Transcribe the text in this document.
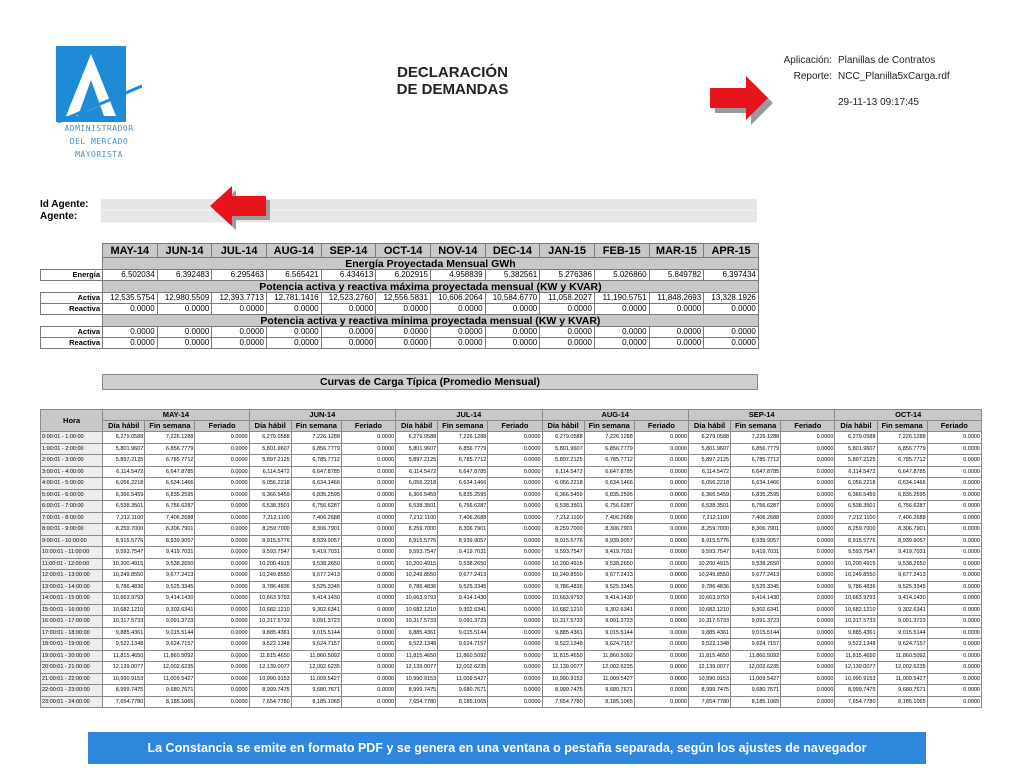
ADMINISTRADOR
DEL MERCADO
MAYORISTA
DECLARACIÓN
DE DEMANDAS
Aplicación: Planillas de Contratos
Reporte: NCC_Planilla5xCarga.rdf
29-11-13 09:17:45
Id Agente:
Agente:
	MAY-14	JUN-14	JUL-14	AUG-14	SEP-14	OCT-14	NOV-14	DEC-14	JAN-15	FEB-15	MAR-15	APR-15
	Energía Proyectada Mensual GWh											
Energía	6.502034	6.392483	6.295463	6.565421	6.434613	6.202915	4.958839	5.382561	5.276386	5.026860	5.849782	6.397434
	Potencia activa y reactiva máxima proyectada mensual (KW y KVAR)											
Activa	12,535.5754	12,980.5509	12,393.7713	12,781.1416	12,523.2760	12,556.5831	10,606.2064	10,584.6770	11,058.2027	11,190.5751	11,848.2693	13,328.1926
Reactiva	0.0000	0.0000	0.0000	0.0000	0.0000	0.0000	0.0000	0.0000	0.0000	0.0000	0.0000	0.0000
	Potencia activa y reactiva mínima proyectada mensual (KW y KVAR)											
Activa	0.0000	0.0000	0.0000	0.0000	0.0000	0.0000	0.0000	0.0000	0.0000	0.0000	0.0000	0.0000
Reactiva	0.0000	0.0000	0.0000	0.0000	0.0000	0.0000	0.0000	0.0000	0.0000	0.0000	0.0000	0.0000
Curvas de Carga Típica (Promedio Mensual)
Hora	MAY-14			JUN-14			JUL-14			AUG-14			SEP-14			OCT-14		
	Día hábil	Fin semana	Feriado	Día hábil	Fin semana	Feriado	Día hábil	Fin semana	Feriado	Día hábil	Fin semana	Feriado	Día hábil	Fin semana	Feriado	Día hábil	Fin semana	Feriado
0:00:01 - 1:00:00	6,279.0588	7,226.1288	0.0000	6,279.0588	7,226.1288	0.0000	6,279.0588	7,226.1288	0.0000	6,279.0588	7,226.1288	0.0000	6,279.0588	7,226.1288	0.0000	6,279.0588	7,226.1288	0.0000
1:00:01 - 2:00:00	5,801.9607	6,856.7779	0.0000	5,801.9607	6,856.7779	0.0000	5,801.9607	6,856.7779	0.0000	5,801.9607	6,856.7779	0.0000	5,801.9607	6,856.7779	0.0000	5,801.9607	6,856.7779	0.0000
2:00:01 - 3:00:00	5,897.2125	6,785.7712	0.0000	5,897.2125	6,785.7712	0.0000	5,897.2125	6,785.7712	0.0000	5,897.2125	6,785.7712	0.0000	5,897.2125	6,785.7712	0.0000	5,897.2125	6,785.7712	0.0000
3:00:01 - 4:00:00	6,114.5472	6,647.8785	0.0000	6,114.5472	6,647.8785	0.0000	6,114.5472	6,647.8785	0.0000	6,114.5472	6,647.8785	0.0000	6,114.5472	6,647.8785	0.0000	6,114.5472	6,647.8785	0.0000
4:00:01 - 5:00:00	6,056.2218	6,634.1466	0.0000	6,056.2218	6,634.1466	0.0000	6,056.2218	6,634.1466	0.0000	6,056.2218	6,634.1466	0.0000	6,056.2218	6,634.1466	0.0000	6,056.2218	6,634.1466	0.0000
5:00:01 - 6:00:00	6,366.5459	6,835.2595	0.0000	6,366.5459	6,835.2595	0.0000	6,366.5459	6,835.2595	0.0000	6,366.5459	6,835.2595	0.0000	6,366.5459	6,835.2595	0.0000	6,366.5459	6,835.2595	0.0000
6:00:01 - 7:00:00	6,538.3501	6,756.6287	0.0000	6,538.3501	6,756.6287	0.0000	6,538.3501	6,756.6287	0.0000	6,538.3501	6,756.6287	0.0000	6,538.3501	6,756.6287	0.0000	6,538.3501	6,756.6287	0.0000
7:00:01 - 8:00:00	7,212.1100	7,406.2688	0.0000	7,212.1100	7,406.2688	0.0000	7,212.1100	7,406.2688	0.0000	7,212.1100	7,406.2688	0.0000	7,212.1100	7,406.2688	0.0000	7,212.1100	7,406.2688	0.0000
8:00:01 - 9:00:00	8,259.7000	8,306.7901	0.0000	8,259.7000	8,306.7901	0.0000	8,259.7000	8,306.7901	0.0000	8,259.7000	8,306.7901	0.0000	8,259.7000	8,306.7901	0.0000	8,259.7000	8,306.7901	0.0000
9:00:01 - 10:00:00	8,915.5776	8,939.9057	0.0000	8,915.5776	8,939.9057	0.0000	8,915.5776	8,939.9057	0.0000	8,915.5776	8,939.9057	0.0000	8,915.5776	8,939.9057	0.0000	8,915.5776	8,939.9057	0.0000
10:00:01 - 11:00:00	9,593.7547	9,419.7031	0.0000	9,593.7547	9,419.7031	0.0000	9,593.7547	9,419.7031	0.0000	9,593.7547	9,419.7031	0.0000	9,593.7547	9,419.7031	0.0000	9,593.7547	9,419.7031	0.0000
11:00:01 - 12:00:00	10,200.4915	9,538.2650	0.0000	10,200.4915	9,538.2650	0.0000	10,200.4915	9,538.2650	0.0000	10,200.4915	9,538.2650	0.0000	10,200.4915	9,538.2650	0.0000	10,200.4915	9,538.2650	0.0000
12:00:01 - 13:00:00	10,249.8550	9,677.2413	0.0000	10,249.8550	9,677.2413	0.0000	10,249.8550	9,677.2413	0.0000	10,249.8550	9,677.2413	0.0000	10,249.8550	9,677.2413	0.0000	10,249.8550	9,677.2413	0.0000
13:00:01 - 14:00:00	9,786.4836	9,525.3345	0.0000	9,786.4836	9,525.3345	0.0000	9,786.4836	9,525.3345	0.0000	9,786.4836	9,525.3345	0.0000	9,786.4836	9,525.3345	0.0000	9,786.4836	9,525.3345	0.0000
14:00:01 - 15:00:00	10,663.9793	9,414.1430	0.0000	10,663.9793	9,414.1430	0.0000	10,663.9793	9,414.1430	0.0000	10,663.9793	9,414.1430	0.0000	10,663.9793	9,414.1430	0.0000	10,663.9793	9,414.1430	0.0000
15:00:01 - 16:00:00	10,682.1210	9,302.6341	0.0000	10,682.1210	9,302.6341	0.0000	10,682.1210	9,302.6341	0.0000	10,682.1210	9,302.6341	0.0000	10,682.1210	9,302.6341	0.0000	10,682.1210	9,302.6341	0.0000
16:00:01 - 17:00:00	10,317.5733	9,091.3723	0.0000	10,317.5733	9,091.3723	0.0000	10,317.5733	9,091.3723	0.0000	10,317.5733	9,091.3723	0.0000	10,317.5733	9,091.3723	0.0000	10,317.5733	9,091.3723	0.0000
17:00:01 - 18:00:00	9,885.4361	9,015.5144	0.0000	9,885.4361	9,015.5144	0.0000	9,885.4361	9,015.5144	0.0000	9,885.4361	9,015.5144	0.0000	9,885.4361	9,015.5144	0.0000	9,885.4361	9,015.5144	0.0000
18:00:01 - 19:00:00	9,522.1348	9,624.7157	0.0000	9,522.1348	9,624.7157	0.0000	9,522.1348	9,624.7157	0.0000	9,522.1348	9,624.7157	0.0000	9,522.1348	9,624.7157	0.0000	9,522.1348	9,624.7157	0.0000
19:00:01 - 20:00:00	11,815.4650	11,860.5092	0.0000	11,815.4650	11,860.5092	0.0000	11,815.4650	11,860.5092	0.0000	11,815.4650	11,860.5092	0.0000	11,815.4650	11,860.5092	0.0000	11,815.4650	11,860.5092	0.0000
20:00:01 - 21:00:00	12,139.0077	12,002.6235	0.0000	12,139.0077	12,002.6235	0.0000	12,139.0077	12,002.6235	0.0000	12,139.0077	12,002.6235	0.0000	12,139.0077	12,002.6235	0.0000	12,139.0077	12,002.6235	0.0000
21:00:01 - 22:00:00	10,990.9153	11,009.5427	0.0000	10,990.9153	11,009.5427	0.0000	10,990.9153	11,009.5427	0.0000	10,990.9153	11,009.5427	0.0000	10,990.9153	11,009.5427	0.0000	10,990.9153	11,009.5427	0.0000
22:00:01 - 23:00:00	8,999.7475	9,680.7671	0.0000	8,999.7475	9,680.7671	0.0000	8,999.7475	9,680.7671	0.0000	8,999.7475	9,680.7671	0.0000	8,999.7475	9,680.7671	0.0000	8,999.7475	9,680.7671	0.0000
23:00:01 - 24:00:00	7,654.7780	8,185.1065	0.0000	7,654.7780	8,185.1065	0.0000	7,654.7780	8,185.1065	0.0000	7,654.7780	8,185.1065	0.0000	7,654.7780	8,185.1065	0.0000	7,654.7780	8,185.1065	0.0000
La Constancia se emite en formato PDF y se genera en una ventana o pestaña separada, según los ajustes de navegador
